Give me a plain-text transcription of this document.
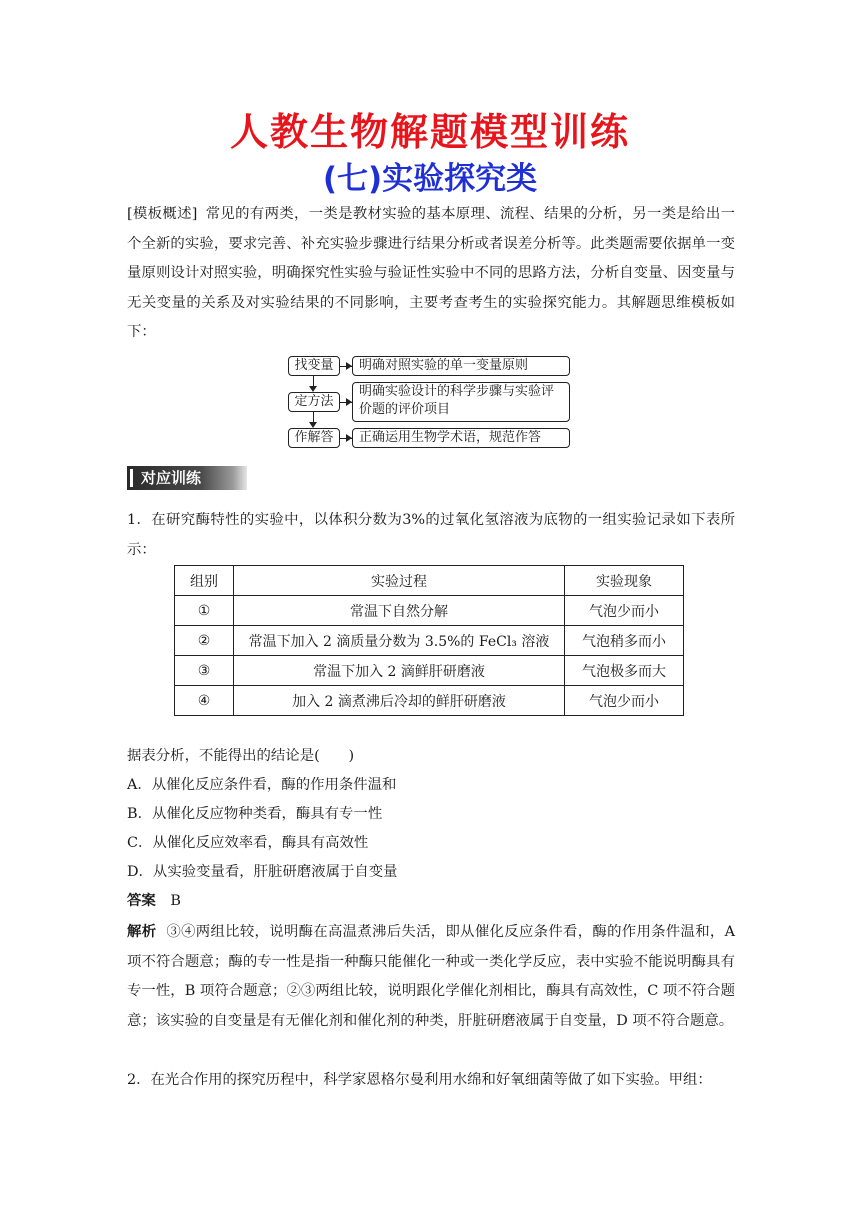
人教生物解题模型训练
(七)实验探究类
[模板概述] 常见的有两类，一类是教材实验的基本原理、流程、结果的分析，另一类是给出一个全新的实验，要求完善、补充实验步骤进行结果分析或者误差分析等。此类题需要依据单一变量原则设计对照实验，明确探究性实验与验证性实验中不同的思路方法，分析自变量、因变量与无关变量的关系及对实验结果的不同影响，主要考查考生的实验探究能力。其解题思维模板如下：
找变量	明确对照实验的单一变量原则
定方法
明确实验设计的科学步骤与实验评价题的评价项目
作解答	正确运用生物学术语，规范作答
对应训练
1．在研究酶特性的实验中，以体积分数为3%的过氧化氢溶液为底物的一组实验记录如下表所示：
组别	实验过程	实验现象
①	常温下自然分解	气泡少而小
②	常温下加入 2 滴质量分数为 3.5%的 FeCl₃ 溶液	气泡稍多而小
③	常温下加入 2 滴鲜肝研磨液	气泡极多而大
④	加入 2 滴煮沸后冷却的鲜肝研磨液	气泡少而小
据表分析，不能得出的结论是(　　)
A．从催化反应条件看，酶的作用条件温和
B．从催化反应物种类看，酶具有专一性
C．从催化反应效率看，酶具有高效性
D．从实验变量看，肝脏研磨液属于自变量
答案 B
解析 ③④两组比较，说明酶在高温煮沸后失活，即从催化反应条件看，酶的作用条件温和，A 项不符合题意；酶的专一性是指一种酶只能催化一种或一类化学反应，表中实验不能说明酶具有专一性，B 项符合题意；②③两组比较，说明跟化学催化剂相比，酶具有高效性，C 项不符合题意；该实验的自变量是有无催化剂和催化剂的种类，肝脏研磨液属于自变量，D 项不符合题意。
2．在光合作用的探究历程中，科学家恩格尔曼利用水绵和好氧细菌等做了如下实验。甲组：
